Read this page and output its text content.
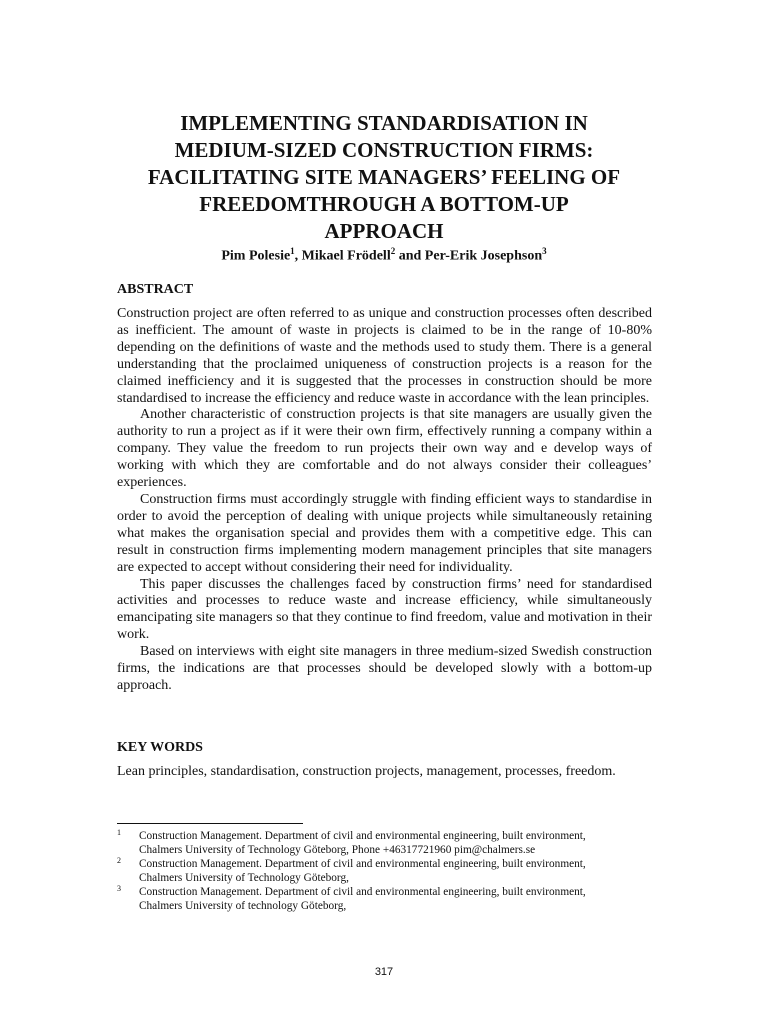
IMPLEMENTING STANDARDISATION IN
MEDIUM-SIZED CONSTRUCTION FIRMS:
FACILITATING SITE MANAGERS’ FEELING OF
FREEDOMTHROUGH A BOTTOM-UP
APPROACH
Pim Polesie$^1$, Mikael Frödell$^2$ and Per-Erik Josephson$^3$
ABSTRACT

Construction project are often referred to as unique and construction processes often described as inefficient. The amount of waste in projects is claimed to be in the range of 10-80% depending on the definitions of waste and the methods used to study them. There is a general understanding that the proclaimed uniqueness of construction projects is a reason for the claimed inefficiency and it is suggested that the processes in construction should be more standardised to increase the efficiency and reduce waste in accordance with the lean principles.

Another characteristic of construction projects is that site managers are usually given the authority to run a project as if it were their own firm, effectively running a company within a company. They value the freedom to run projects their own way and e develop ways of working with which they are comfortable and do not always consider their colleagues’ experiences.

Construction firms must accordingly struggle with finding efficient ways to standardise in order to avoid the perception of dealing with unique projects while simultaneously retaining what makes the organisation special and provides them with a competitive edge. This can result in construction firms implementing modern management principles that site managers are expected to accept without considering their need for individuality.

This paper discusses the challenges faced by construction firms’ need for standardised activities and processes to reduce waste and increase efficiency, while simultaneously emancipating site managers so that they continue to find freedom, value and motivation in their work.

Based on interviews with eight site managers in three medium-sized Swedish construction firms, the indications are that processes should be developed slowly with a bottom-up approach.

KEY WORDS

Lean principles, standardisation, construction projects, management, processes, freedom.

1 Construction Management. Department of civil and environmental engineering, built environment,
Chalmers University of Technology Göteborg, Phone +46317721960 pim@chalmers.se
2 Construction Management. Department of civil and environmental engineering, built environment,
Chalmers University of Technology Göteborg,
3 Construction Management. Department of civil and environmental engineering, built environment,
Chalmers University of technology Göteborg,
317
